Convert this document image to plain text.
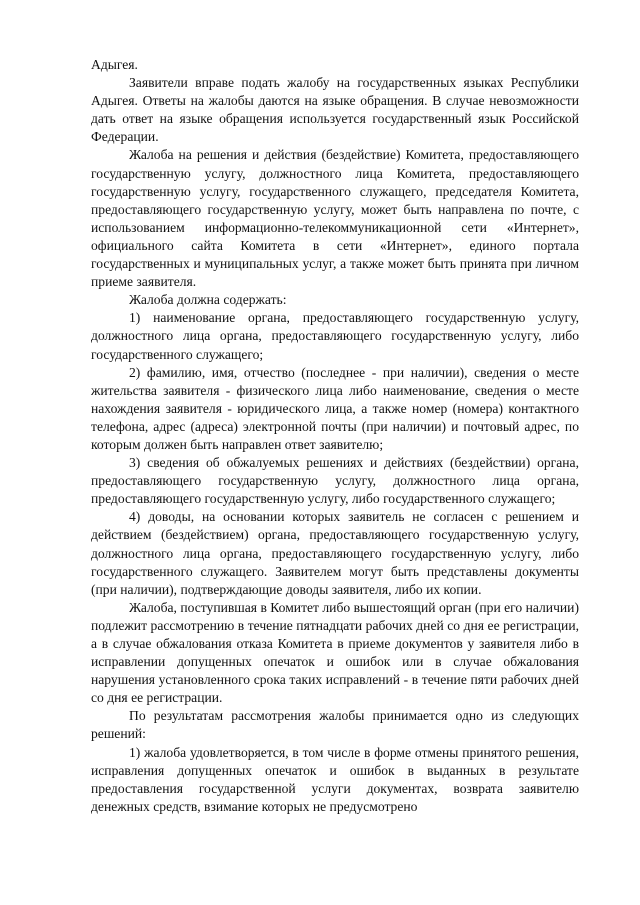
Адыгея.

Заявители вправе подать жалобу на государственных языках Республики Адыгея. Ответы на жалобы даются на языке обращения. В случае невозможности дать ответ на языке обращения используется государственный язык Российской Федерации.

Жалоба на решения и действия (бездействие) Комитета, предоставляющего государственную услугу, должностного лица Комитета, предоставляющего государственную услугу, государственного служащего, председателя Комитета, предоставляющего государственную услугу, может быть направлена по почте, с использованием информационно-телекоммуникационной сети «Интернет», официального сайта Комитета в сети «Интернет», единого портала государственных и муниципальных услуг, а также может быть принята при личном приеме заявителя.

Жалоба должна содержать:

1) наименование органа, предоставляющего государственную услугу, должностного лица органа, предоставляющего государственную услугу, либо государственного служащего;

2) фамилию, имя, отчество (последнее - при наличии), сведения о месте жительства заявителя - физического лица либо наименование, сведения о месте нахождения заявителя - юридического лица, а также номер (номера) контактного телефона, адрес (адреса) электронной почты (при наличии) и почтовый адрес, по которым должен быть направлен ответ заявителю;

3) сведения об обжалуемых решениях и действиях (бездействии) органа, предоставляющего государственную услугу, должностного лица органа, предоставляющего государственную услугу, либо государственного служащего;

4) доводы, на основании которых заявитель не согласен с решением и действием (бездействием) органа, предоставляющего государственную услугу, должностного лица органа, предоставляющего государственную услугу, либо государственного служащего. Заявителем могут быть представлены документы (при наличии), подтверждающие доводы заявителя, либо их копии.

Жалоба, поступившая в Комитет либо вышестоящий орган (при его наличии) подлежит рассмотрению в течение пятнадцати рабочих дней со дня ее регистрации, а в случае обжалования отказа Комитета в приеме документов у заявителя либо в исправлении допущенных опечаток и ошибок или в случае обжалования нарушения установленного срока таких исправлений - в течение пяти рабочих дней со дня ее регистрации.

По результатам рассмотрения жалобы принимается одно из следующих решений:

1) жалоба удовлетворяется, в том числе в форме отмены принятого решения, исправления допущенных опечаток и ошибок в выданных в результате предоставления государственной услуги документах, возврата заявителю денежных средств, взимание которых не предусмотрено
